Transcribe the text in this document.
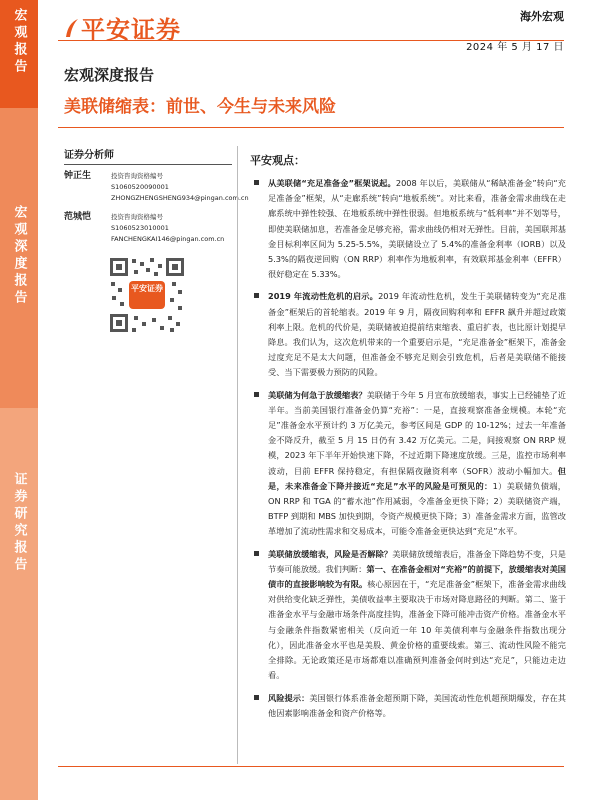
宏观报告
宏观深度报告
证券研究报告
平安证券	海外宏观
2024 年 5 月 17 日
宏观深度报告
美联储缩表：前世、今生与未来风险
证券分析师
钟正生	投资咨询资格编号
S1060520090001
ZHONGZHENGSHENG934@pingan.com.cn
范城恺	投资咨询资格编号
S1060523010001
FANCHENGKAI146@pingan.com.cn
平安证券
平安观点：
从美联储“充足准备金”框架说起。2008 年以后，美联储从“稀缺准备金”转向“充足准备金”框架，从“走廊系统”转向“地板系统”。对比来看，准备金需求曲线在走廊系统中弹性较强、在地板系统中弹性很弱。但地板系统与“低利率”并不划等号，即使美联储加息，若准备金足够充裕，需求曲线仍相对无弹性。目前，美国联邦基金目标利率区间为 5.25-5.5%，美联储设立了 5.4%的准备金利率（IORB）以及 5.3%的隔夜逆回购（ON RRP）利率作为地板利率，有效联邦基金利率（EFFR）很好稳定在 5.33%。
2019 年流动性危机的启示。2019 年流动性危机，发生于美联储转变为“充足准备金”框架后的首轮缩表。2019 年 9 月，隔夜回购利率和 EFFR 飙升并超过政策利率上限。危机的代价是，美联储被迫提前结束缩表、重启扩表，也比原计划提早降息。我们认为，这次危机带来的一个重要启示是，“充足准备金”框架下，准备金过度充足不是太大问题，但准备金不够充足则会引致危机，后者是美联储不能接受、当下需要极力预防的风险。
美联储为何急于放缓缩表？美联储于今年 5 月宣布放缓缩表，事实上已经铺垫了近半年。当前美国银行准备金仍算“充裕”：一是，直接观察准备金规模。本轮“充足”准备金水平预计约 3 万亿美元，参考区间是 GDP 的 10-12%；过去一年准备金不降反升，截至 5 月 15 日仍有 3.42 万亿美元。二是，间接观察 ON RRP 规模，2023 年下半年开始快速下降，不过近期下降速度放缓。三是，监控市场利率波动，目前 EFFR 保持稳定，有担保隔夜融资利率（SOFR）波动小幅加大。但是，未来准备金下降并接近“充足”水平的风险是可预见的：1）美联储负债端，ON RRP 和 TGA 的“蓄水池”作用减弱，令准备金更快下降；2）美联储资产端，BTFP 到期和 MBS 加快到期，令资产规模更快下降；3）准备金需求方面，监管改革增加了流动性需求和交易成本，可能令准备金更快达到“充足”水平。
美联储放缓缩表，风险是否解除？美联储放缓缩表后，准备金下降趋势不变，只是节奏可能放缓。我们判断：第一、在准备金相对“充裕”的前提下，放缓缩表对美国债市的直接影响较为有限。核心原因在于，“充足准备金”框架下，准备金需求曲线对供给变化缺乏弹性，美债收益率主要取决于市场对降息路径的判断。第二、鉴于准备金水平与金融市场条件高度挂钩，准备金下降可能冲击资产价格。准备金水平与金融条件指数紧密相关（反向近一年 10 年美债利率与金融条件指数出现分化），因此准备金水平也是美股、黄金价格的重要线索。第三、流动性风险不能完全排除。无论政策还是市场都难以准确预判准备金何时到达“充足”，只能边走边看。
风险提示：美国银行体系准备金超预期下降，美国流动性危机超预期爆发，存在其他因素影响准备金和资产价格等。
